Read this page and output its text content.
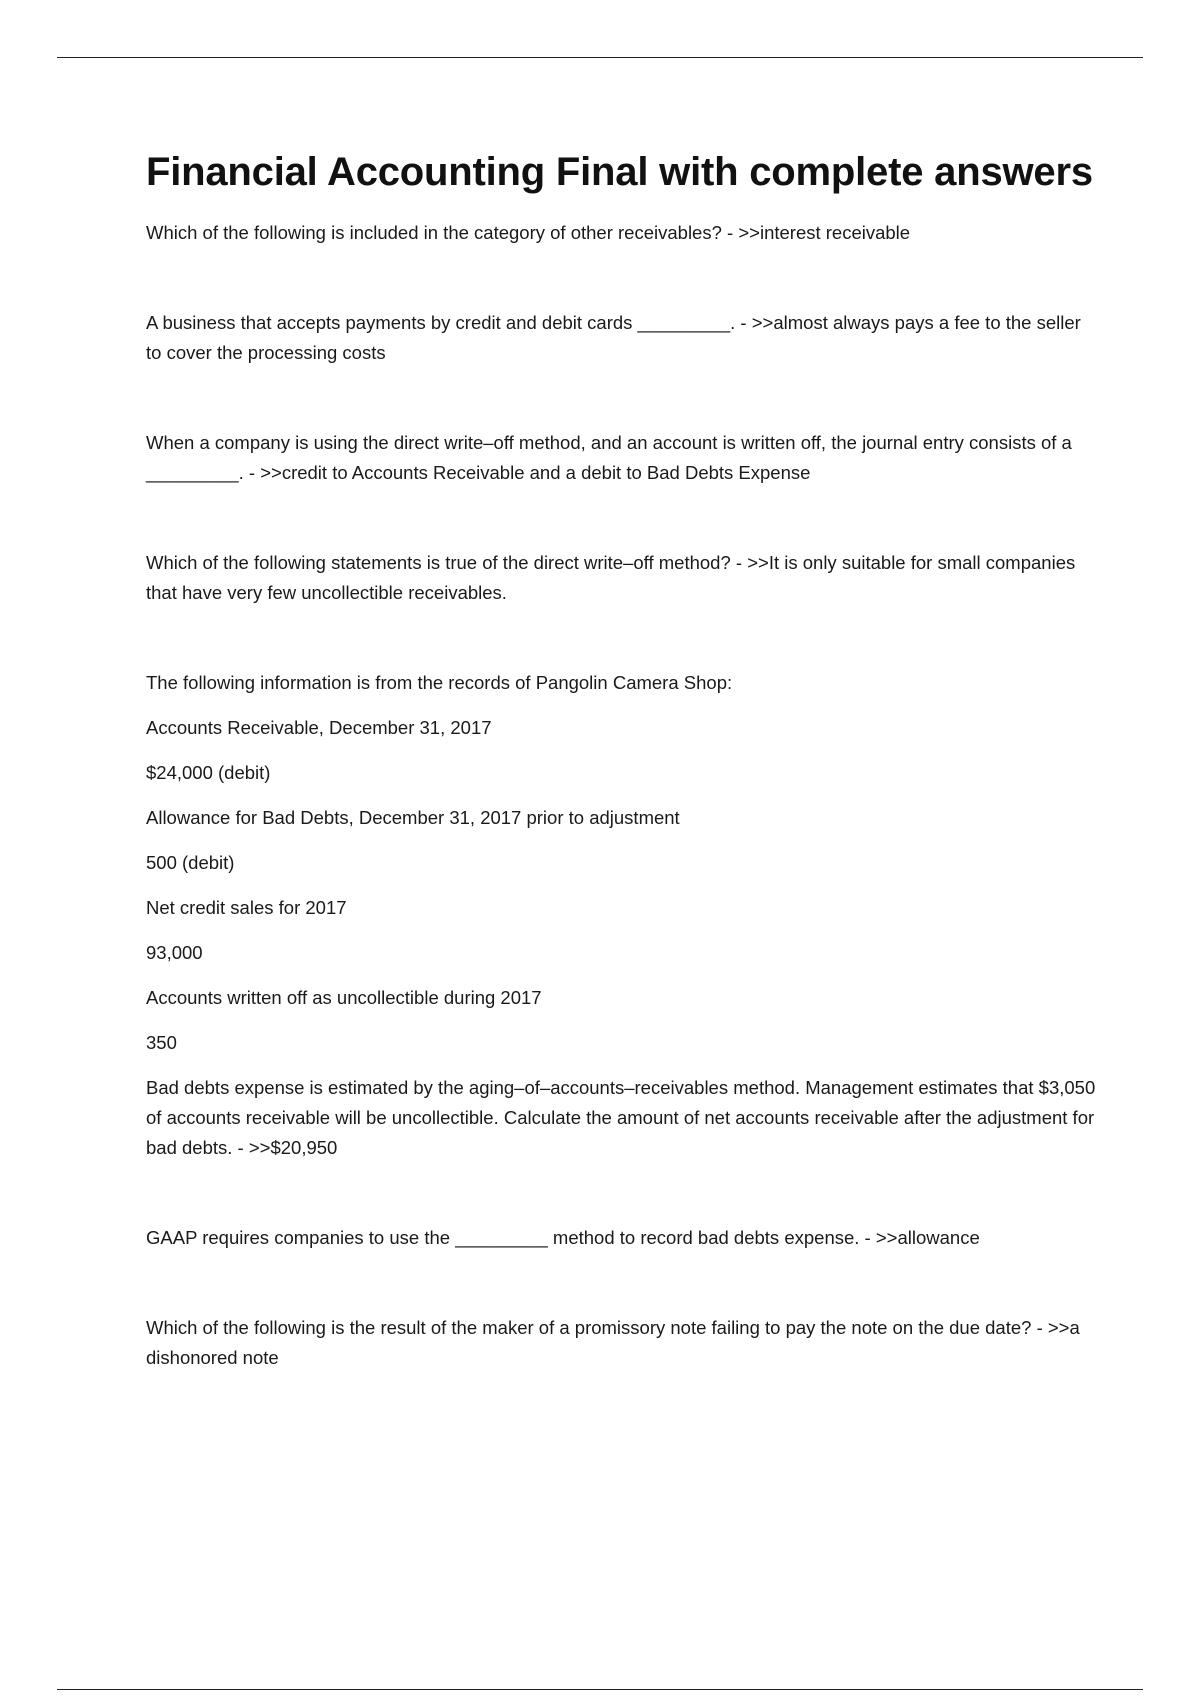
Financial Accounting Final with complete answers
Which of the following is included in the category of other receivables? - >>interest receivable
A business that accepts payments by credit and debit cards _________. - >>almost always pays a fee to the seller to cover the processing costs
When a company is using the direct write–off method, and an account is written off, the journal entry consists of a _________. - >>credit to Accounts Receivable and a debit to Bad Debts Expense
Which of the following statements is true of the direct write–off method? - >>It is only suitable for small companies that have very few uncollectible receivables.
The following information is from the records of Pangolin Camera Shop:
Accounts Receivable, December 31, 2017
$24,000 (debit)
Allowance for Bad Debts, December 31, 2017 prior to adjustment
500 (debit)
Net credit sales for 2017
93,000
Accounts written off as uncollectible during 2017
350
Bad debts expense is estimated by the aging–of–accounts–receivables method. Management estimates that $3,050 of accounts receivable will be uncollectible. Calculate the amount of net accounts receivable after the adjustment for bad debts. - >>$20,950
GAAP requires companies to use the _________ method to record bad debts expense. - >>allowance
Which of the following is the result of the maker of a promissory note failing to pay the note on the due date? - >>a dishonored note
